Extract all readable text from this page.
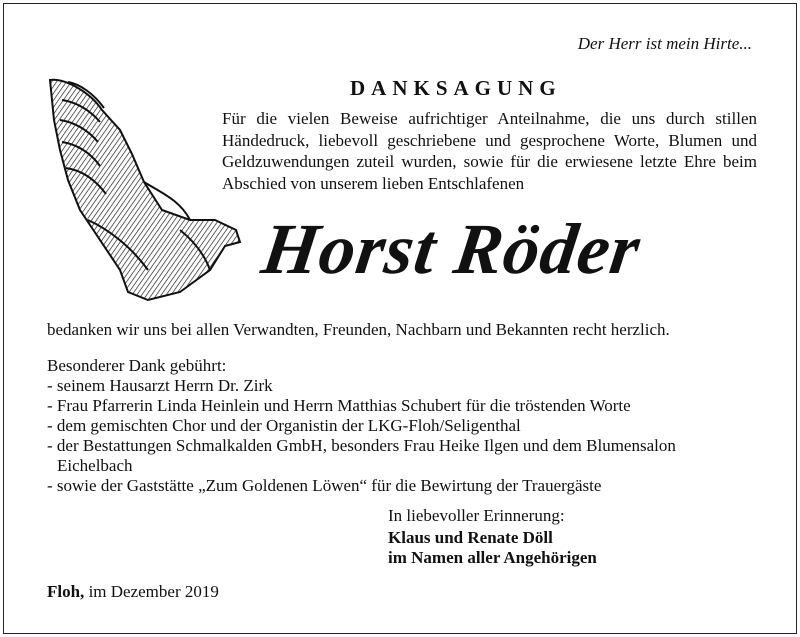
Der Herr ist mein Hirte...
DANKSAGUNG
Für die vielen Beweise aufrichtiger Anteilnahme, die uns durch stillen Händedruck, liebevoll geschriebene und gesprochene Worte, Blumen und Geldzuwendungen zuteil wurden, sowie für die erwiesene letzte Ehre beim Abschied von unserem lieben Entschlafenen
Horst Röder
bedanken wir uns bei allen Verwandten, Freunden, Nachbarn und Bekannten recht herzlich.
Besonderer Dank gebührt:
- seinem Hausarzt Herrn Dr. Zirk
- Frau Pfarrerin Linda Heinlein und Herrn Matthias Schubert für die tröstenden Worte
- dem gemischten Chor und der Organistin der LKG-Floh/Seligenthal
- der Bestattungen Schmalkalden GmbH, besonders Frau Heike Ilgen und dem Blumensalon
Eichelbach
- sowie der Gaststätte „Zum Goldenen Löwen“ für die Bewirtung der Trauergäste
In liebevoller Erinnerung:
Klaus und Renate Döll
im Namen aller Angehörigen
Floh, im Dezember 2019
